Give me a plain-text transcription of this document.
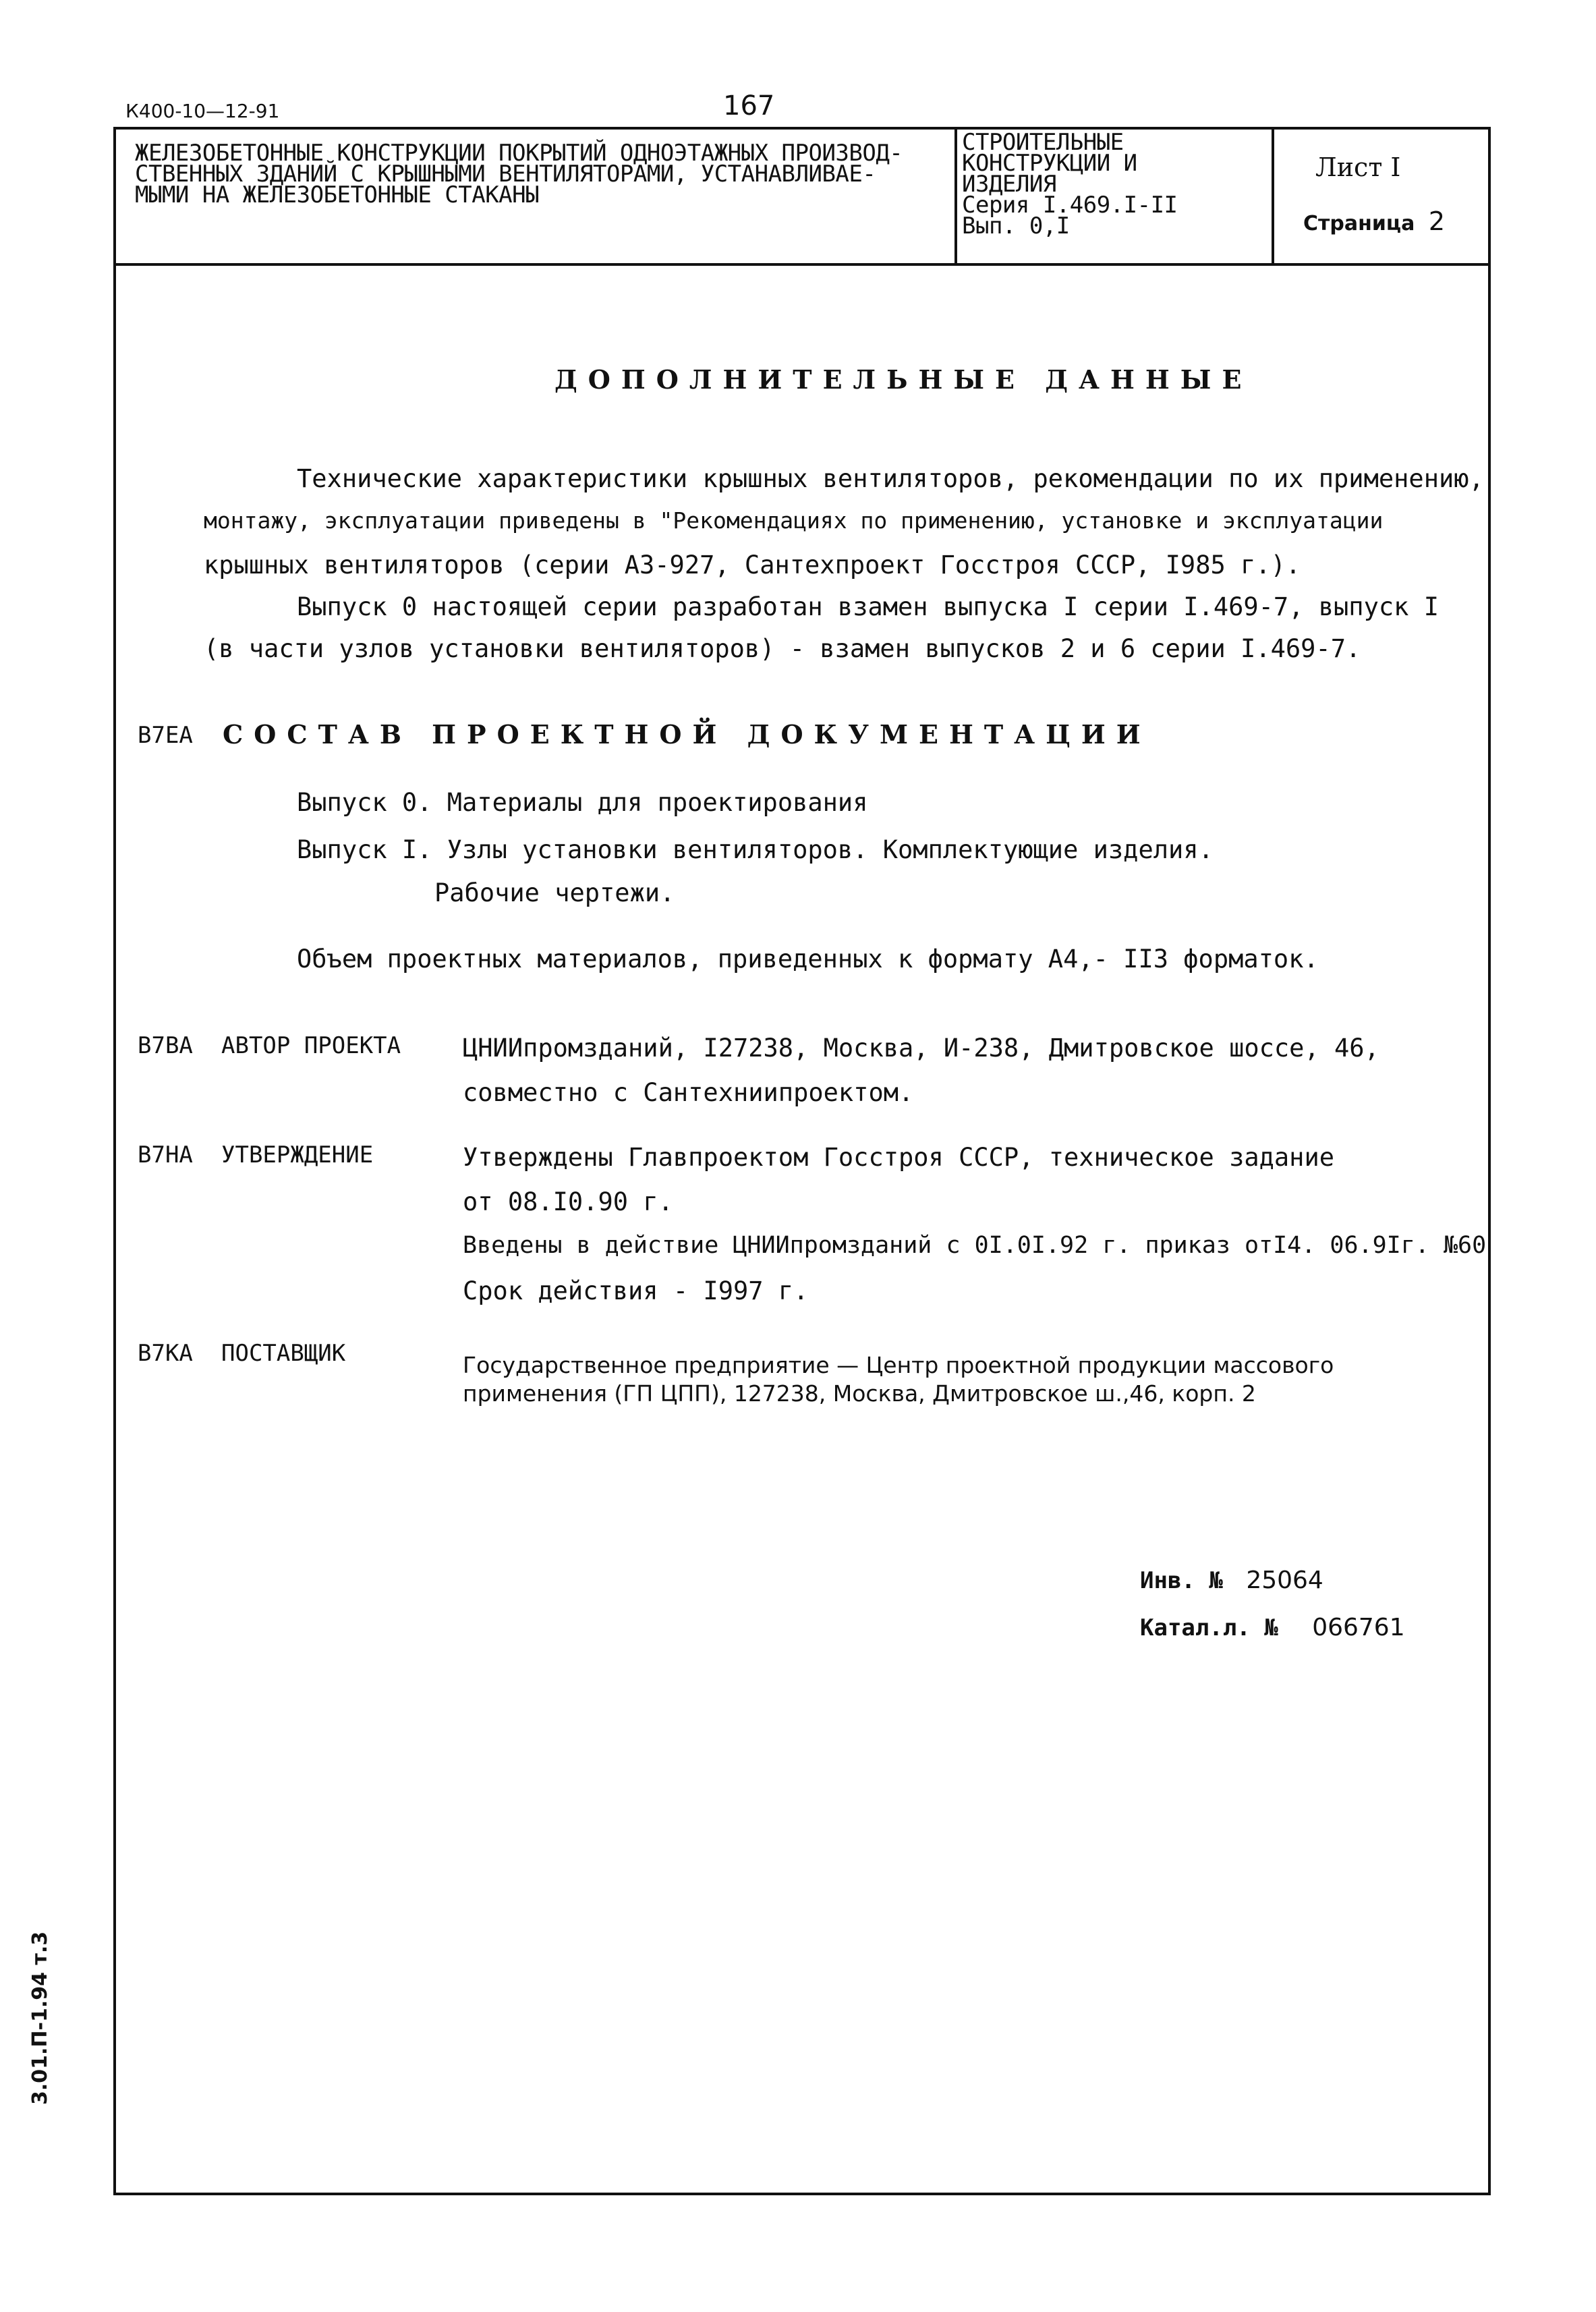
К400-10—12-91	167
ЖЕЛЕЗОБЕТОННЫЕ КОНСТРУКЦИИ ПОКРЫТИЙ ОДНОЭТАЖНЫХ ПРОИЗВОД-
СТВЕННЫХ ЗДАНИЙ С КРЫШНЫМИ ВЕНТИЛЯТОРАМИ, УСТАНАВЛИВАЕ-
МЫМИ НА ЖЕЛЕЗОБЕТОННЫЕ СТАКАНЫ
СТРОИТЕЛЬНЫЕ
КОНСТРУКЦИИ И
ИЗДЕЛИЯ
Серия I.469.I-II
Вып. 0,I
Лист I
Страница 2
ДОПОЛНИТЕЛЬНЫЕ ДАННЫЕ
Технические характеристики крышных вентиляторов, рекомендации по их применению,
монтажу, эксплуатации приведены в "Рекомендациях по применению, установке и эксплуатации
крышных вентиляторов (серии А3-927, Сантехпроект Госстроя СССР, I985 г.).
Выпуск 0 настоящей серии разработан взамен выпуска I серии I.469-7, выпуск I
(в части узлов установки вентиляторов) - взамен выпусков 2 и 6 серии I.469-7.
В7ЕА СОСТАВ ПРОЕКТНОЙ ДОКУМЕНТАЦИИ
Выпуск 0. Материалы для проектирования
Выпуск I. Узлы установки вентиляторов. Комплектующие изделия.
Рабочие чертежи.
Объем проектных материалов, приведенных к формату А4,- II3 форматок.
В7ВА АВТОР ПРОЕКТА ЦНИИпромзданий, I27238, Москва, И-238, Дмитровское шоссе, 46,
совместно с Сантехниипроектом.
В7НА УТВЕРЖДЕНИЕ	Утверждены Главпроектом Госстроя СССР, техническое задание
от 08.I0.90 г.
Введены в действие ЦНИИпромзданий с 0I.0I.92 г. приказ отI4. 06.9Iг. №60
Срок действия - I997 г.
В7КА ПОСТАВЩИК	Государственное предприятие — Центр проектной продукции массового
применения (ГП ЦПП), 127238, Москва, Дмитровское ш.,46, корп. 2
Инв. № 25064
Катал.л. № 066761
3.01.П-1.94 т.3
